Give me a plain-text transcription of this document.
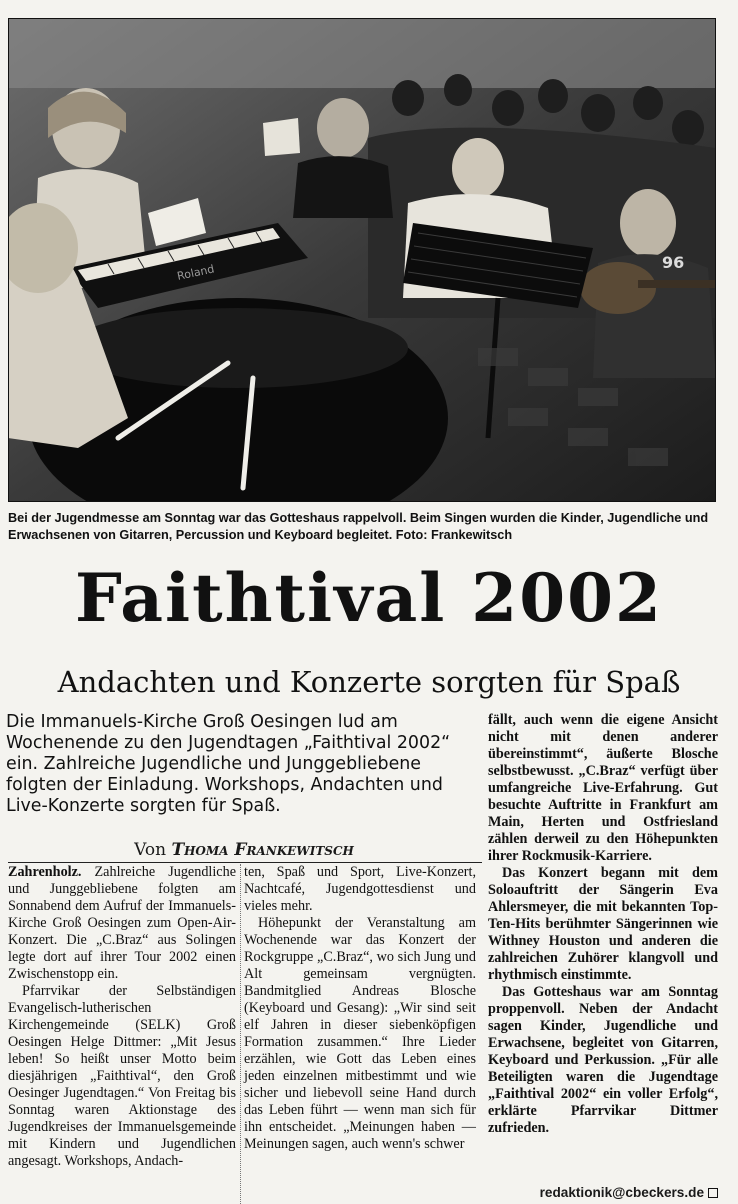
96
Roland
Bei der Jugendmesse am Sonntag war das Gotteshaus rappelvoll. Beim Singen wurden die Kinder, Jugendliche und Erwachsenen von Gitarren, Percussion und Keyboard begleitet. Foto: Frankewitsch
Faithtival 2002
Andachten und Konzerte sorgten für Spaß
Die Immanuels-Kirche Groß Oesingen lud am Wochenende zu den Jugendtagen „Faithtival 2002“ ein. Zahlreiche Jugendliche und Junggebliebene folgten der Einladung. Workshops, Andachten und Live-Konzerte sorgten für Spaß.
Von Thoma Frankewitsch

Zahrenholz. Zahlreiche Jugendliche und Junggebliebene folgten am Sonnabend dem Aufruf der Immanuels-Kirche Groß Oesingen zum Open-Air-Konzert. Die „C.Braz“ aus Solingen legte dort auf ihrer Tour 2002 einen Zwischenstopp ein.

Pfarrvikar der Selbständigen Evangelisch-lutherischen Kirchengemeinde (SELK) Groß Oesingen Helge Dittmer: „Mit Jesus leben! So heißt unser Motto beim diesjährigen „Faithtival“, den Groß Oesinger Jugendtagen.“ Von Freitag bis Sonntag waren Aktionstage des Jugendkreises der Immanuelsgemeinde mit Kindern und Jugendlichen angesagt. Workshops, Andach-

ten, Spaß und Sport, Live-Konzert, Nachtcafé, Jugendgottesdienst und vieles mehr.

Höhepunkt der Veranstaltung am Wochenende war das Konzert der Rockgruppe „C.Braz“, wo sich Jung und Alt gemeinsam vergnügten. Bandmitglied Andreas Blosche (Keyboard und Gesang): „Wir sind seit elf Jahren in dieser siebenköpfigen Formation zusammen.“ Ihre Lieder erzählen, wie Gott das Leben eines jeden einzelnen mitbestimmt und wie sicher und liebevoll seine Hand durch das Leben führt — wenn man sich für ihn entscheidet. „Meinungen haben — Meinungen sagen, auch wenn's schwer

fällt, auch wenn die eigene Ansicht nicht mit denen anderer übereinstimmt“, äußerte Blosche selbstbewusst. „C.Braz“ verfügt über umfangreiche Live-Erfahrung. Gut besuchte Auftritte in Frankfurt am Main, Herten und Ostfriesland zählen derweil zu den Höhepunkten ihrer Rockmusik-Karriere.

Das Konzert begann mit dem Soloauftritt der Sängerin Eva Ahlersmeyer, die mit bekannten Top-Ten-Hits berühmter Sängerinnen wie Withney Houston und anderen die zahlreichen Zuhörer klangvoll und rhythmisch einstimmte.

Das Gotteshaus war am Sonntag proppenvoll. Neben der Andacht sagen Kinder, Jugendliche und Erwachsene, begleitet von Gitarren, Keyboard und Perkussion. „Für alle Beteiligten waren die Jugendtage „Faithtival 2002“ ein voller Erfolg“, erklärte Pfarrvikar Dittmer zufrieden.

redaktionik@cbeckers.de
